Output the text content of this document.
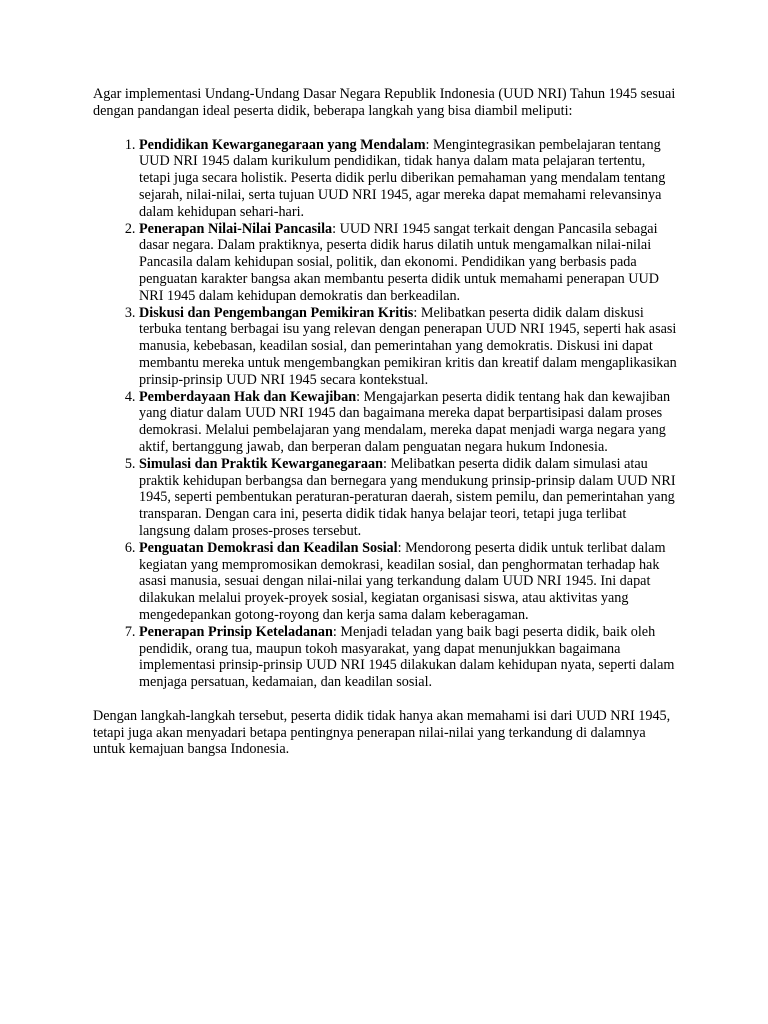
Agar implementasi Undang-Undang Dasar Negara Republik Indonesia (UUD NRI) Tahun 1945 sesuai dengan pandangan ideal peserta didik, beberapa langkah yang bisa diambil meliputi:

1. Pendidikan Kewarganegaraan yang Mendalam: Mengintegrasikan pembelajaran tentang UUD NRI 1945 dalam kurikulum pendidikan, tidak hanya dalam mata pelajaran tertentu, tetapi juga secara holistik. Peserta didik perlu diberikan pemahaman yang mendalam tentang sejarah, nilai-nilai, serta tujuan UUD NRI 1945, agar mereka dapat memahami relevansinya dalam kehidupan sehari-hari.
2. Penerapan Nilai-Nilai Pancasila: UUD NRI 1945 sangat terkait dengan Pancasila sebagai dasar negara. Dalam praktiknya, peserta didik harus dilatih untuk mengamalkan nilai-nilai Pancasila dalam kehidupan sosial, politik, dan ekonomi. Pendidikan yang berbasis pada penguatan karakter bangsa akan membantu peserta didik untuk memahami penerapan UUD NRI 1945 dalam kehidupan demokratis dan berkeadilan.
3. Diskusi dan Pengembangan Pemikiran Kritis: Melibatkan peserta didik dalam diskusi terbuka tentang berbagai isu yang relevan dengan penerapan UUD NRI 1945, seperti hak asasi manusia, kebebasan, keadilan sosial, dan pemerintahan yang demokratis. Diskusi ini dapat membantu mereka untuk mengembangkan pemikiran kritis dan kreatif dalam mengaplikasikan prinsip-prinsip UUD NRI 1945 secara kontekstual.
4. Pemberdayaan Hak dan Kewajiban: Mengajarkan peserta didik tentang hak dan kewajiban yang diatur dalam UUD NRI 1945 dan bagaimana mereka dapat berpartisipasi dalam proses demokrasi. Melalui pembelajaran yang mendalam, mereka dapat menjadi warga negara yang aktif, bertanggung jawab, dan berperan dalam penguatan negara hukum Indonesia.
5. Simulasi dan Praktik Kewarganegaraan: Melibatkan peserta didik dalam simulasi atau praktik kehidupan berbangsa dan bernegara yang mendukung prinsip-prinsip dalam UUD NRI 1945, seperti pembentukan peraturan-peraturan daerah, sistem pemilu, dan pemerintahan yang transparan. Dengan cara ini, peserta didik tidak hanya belajar teori, tetapi juga terlibat langsung dalam proses-proses tersebut.
6. Penguatan Demokrasi dan Keadilan Sosial: Mendorong peserta didik untuk terlibat dalam kegiatan yang mempromosikan demokrasi, keadilan sosial, dan penghormatan terhadap hak asasi manusia, sesuai dengan nilai-nilai yang terkandung dalam UUD NRI 1945. Ini dapat dilakukan melalui proyek-proyek sosial, kegiatan organisasi siswa, atau aktivitas yang mengedepankan gotong-royong dan kerja sama dalam keberagaman.
7. Penerapan Prinsip Keteladanan: Menjadi teladan yang baik bagi peserta didik, baik oleh pendidik, orang tua, maupun tokoh masyarakat, yang dapat menunjukkan bagaimana implementasi prinsip-prinsip UUD NRI 1945 dilakukan dalam kehidupan nyata, seperti dalam menjaga persatuan, kedamaian, dan keadilan sosial.

Dengan langkah-langkah tersebut, peserta didik tidak hanya akan memahami isi dari UUD NRI 1945, tetapi juga akan menyadari betapa pentingnya penerapan nilai-nilai yang terkandung di dalamnya untuk kemajuan bangsa Indonesia.
